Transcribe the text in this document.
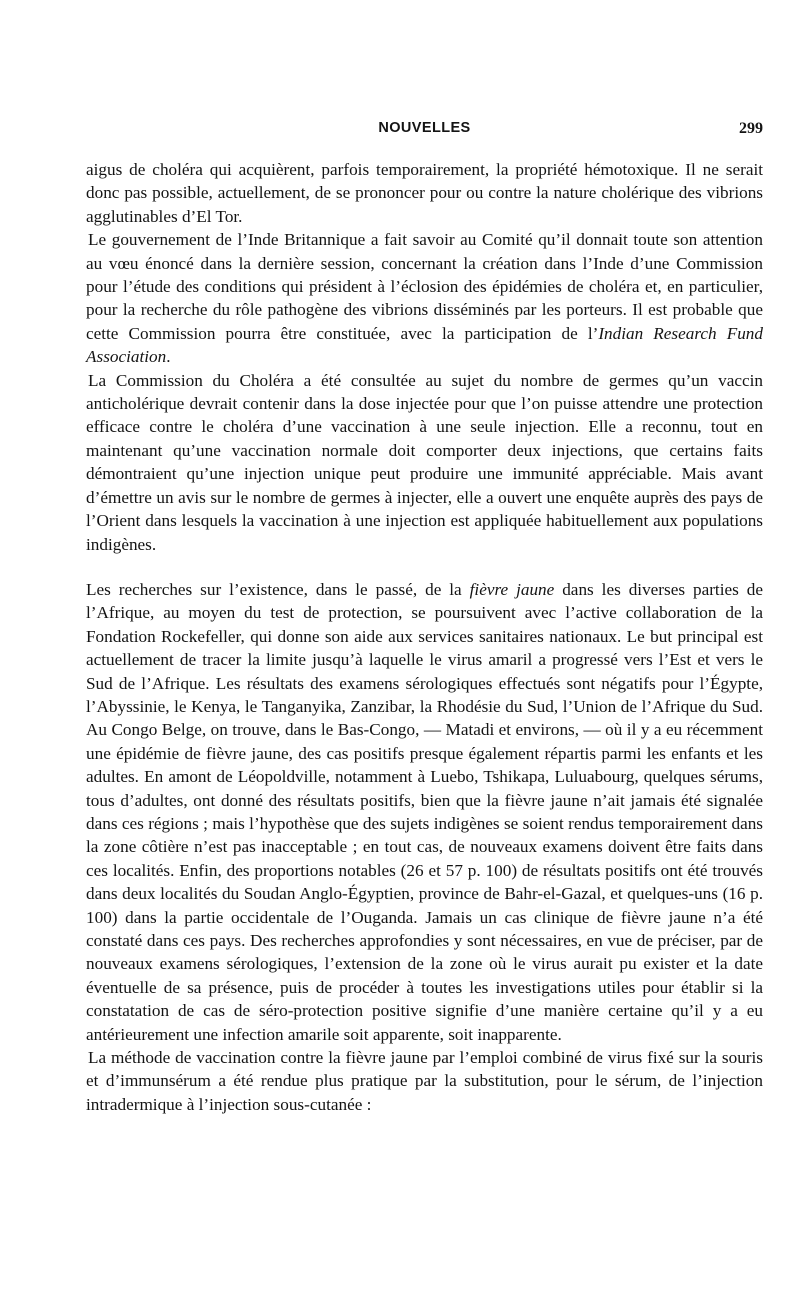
NOUVELLES	299

aigus de choléra qui acquièrent, parfois temporairement, la propriété hémotoxique. Il ne serait donc pas possible, actuellement, de se prononcer pour ou contre la nature cholérique des vibrions agglutinables d’El Tor.

Le gouvernement de l’Inde Britannique a fait savoir au Comité qu’il donnait toute son attention au vœu énoncé dans la dernière session, concernant la création dans l’Inde d’une Commission pour l’étude des conditions qui président à l’éclosion des épidémies de choléra et, en particulier, pour la recherche du rôle pathogène des vibrions disséminés par les porteurs. Il est probable que cette Commission pourra être constituée, avec la participation de l’Indian Research Fund Association.

La Commission du Choléra a été consultée au sujet du nombre de germes qu’un vaccin anticholérique devrait contenir dans la dose injectée pour que l’on puisse attendre une protection efficace contre le choléra d’une vaccination à une seule injection. Elle a reconnu, tout en maintenant qu’une vaccination normale doit comporter deux injections, que certains faits démontraient qu’une injection unique peut produire une immunité appréciable. Mais avant d’émettre un avis sur le nombre de germes à injecter, elle a ouvert une enquête auprès des pays de l’Orient dans lesquels la vaccination à une injection est appliquée habituellement aux populations indigènes.

Les recherches sur l’existence, dans le passé, de la fièvre jaune dans les diverses parties de l’Afrique, au moyen du test de protection, se poursuivent avec l’active collaboration de la Fondation Rockefeller, qui donne son aide aux services sanitaires nationaux. Le but principal est actuellement de tracer la limite jusqu’à laquelle le virus amaril a progressé vers l’Est et vers le Sud de l’Afrique. Les résultats des examens sérologiques effectués sont négatifs pour l’Égypte, l’Abyssinie, le Kenya, le Tanganyika, Zanzibar, la Rhodésie du Sud, l’Union de l’Afrique du Sud. Au Congo Belge, on trouve, dans le Bas-Congo, — Matadi et environs, — où il y a eu récemment une épidémie de fièvre jaune, des cas positifs presque également répartis parmi les enfants et les adultes. En amont de Léopoldville, notamment à Luebo, Tshikapa, Luluabourg, quelques sérums, tous d’adultes, ont donné des résultats positifs, bien que la fièvre jaune n’ait jamais été signalée dans ces régions ; mais l’hypothèse que des sujets indigènes se soient rendus temporairement dans la zone côtière n’est pas inacceptable ; en tout cas, de nouveaux examens doivent être faits dans ces localités. Enfin, des proportions notables (26 et 57 p. 100) de résultats positifs ont été trouvés dans deux localités du Soudan Anglo-Égyptien, province de Bahr-el-Gazal, et quelques-uns (16 p. 100) dans la partie occidentale de l’Ouganda. Jamais un cas clinique de fièvre jaune n’a été constaté dans ces pays. Des recherches approfondies y sont nécessaires, en vue de préciser, par de nouveaux examens sérologiques, l’extension de la zone où le virus aurait pu exister et la date éventuelle de sa présence, puis de procéder à toutes les investigations utiles pour établir si la constatation de cas de séro-protection positive signifie d’une manière certaine qu’il y a eu antérieurement une infection amarile soit apparente, soit inapparente.

La méthode de vaccination contre la fièvre jaune par l’emploi combiné de virus fixé sur la souris et d’immunsérum a été rendue plus pratique par la substitution, pour le sérum, de l’injection intradermique à l’injection sous-cutanée :
